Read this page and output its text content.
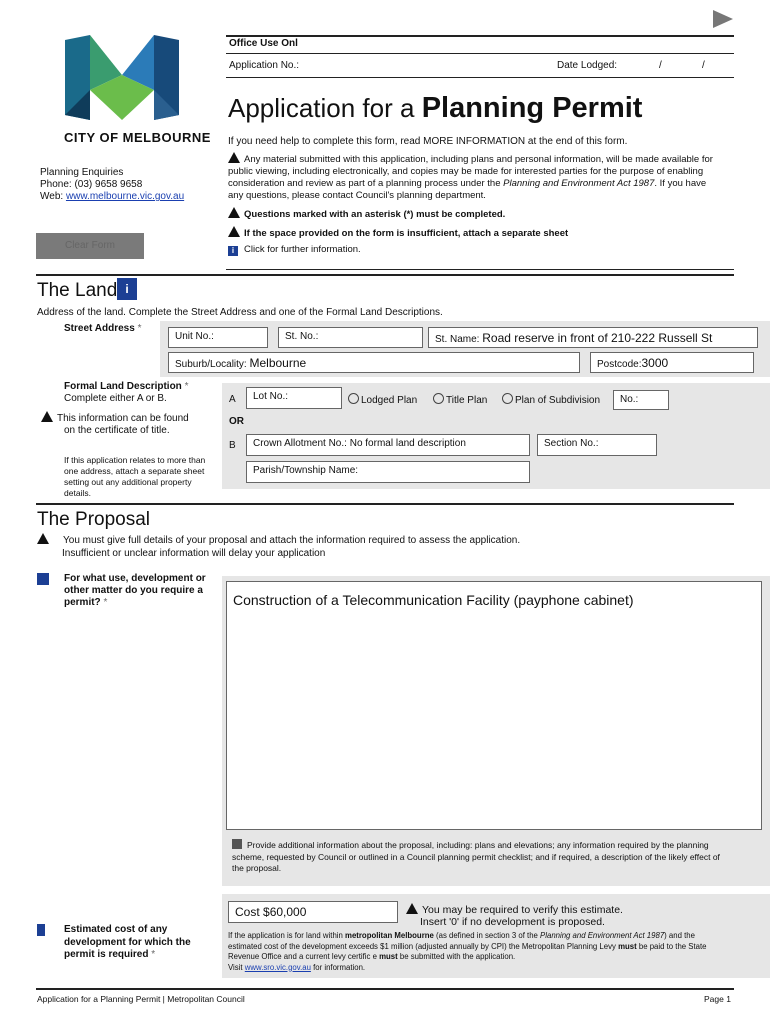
Office Use Onl
Application No.:	Date Lodged:	/	/
CITY OF MELBOURNE
Application for a Planning Permit
Planning Enquiries
Phone: (03) 9658 9658
Web: www.melbourne.vic.gov.au
Clear Form
If you need help to complete this form, read MORE INFORMATION at the end of this form.
Any material submitted with this application, including plans and personal information, will be made available for public viewing, including electronically, and copies may be made for interested parties for the purpose of enabling consideration and review as part of a planning process under the Planning and Environment Act 1987. If you have any questions, please contact Council's planning department.
Questions marked with an asterisk (*) must be completed.
If the space provided on the form is insufficient, attach a separate sheet
i Click for further information.
The Land i
Address of the land. Complete the Street Address and one of the Formal Land Descriptions.
Street Address *
Unit No.:	St. No.:	St. Name: Road reserve in front of 210-222 Russell St
Suburb/Locality: Melbourne	Postcode:3000
Formal Land Description *
Complete either A or B.
This information can be found on the certificate of title.
If this application relates to more than one address, attach a separate sheet setting out any additional property details.
A	Lot No.:	Lodged Plan	Title Plan	Plan of Subdivision	No.:
OR
B	Crown Allotment No.: No formal land description	Section No.:
Parish/Township Name:
The Proposal
You must give full details of your proposal and attach the information required to assess the application.
Insufficient or unclear information will delay your application
For what use, development or other matter do you require a permit? *	Construction of a Telecommunication Facility (payphone cabinet)
Provide additional information about the proposal, including: plans and elevations; any information required by the planning scheme, requested by Council or outlined in a Council planning permit checklist; and if required, a description of the likely effect of the proposal.
Estimated cost of any development for which the permit is required *
Cost $60,000	You may be required to verify this estimate.
Insert '0' if no development is proposed.
If the application is for land within metropolitan Melbourne (as defined in section 3 of the Planning and Environment Act 1987) and the estimated cost of the development exceeds $1 million (adjusted annually by CPI) the Metropolitan Planning Levy must be paid to the State Revenue Office and a current levy certific e must be submitted with the application.
Visit www.sro.vic.gov.au for information.
Application for a Planning Permit | Metropolitan Council	Page 1
